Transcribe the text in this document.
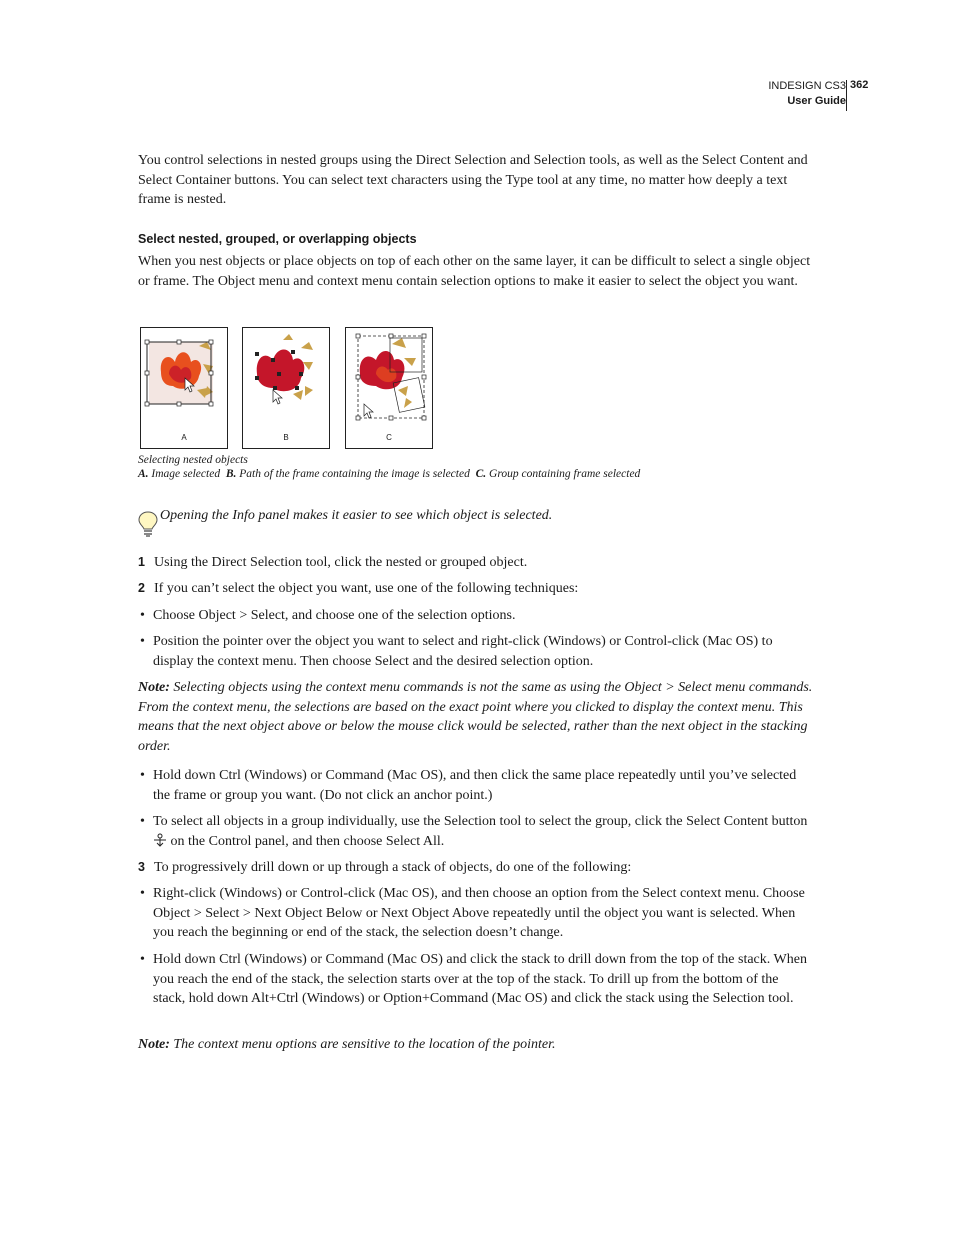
INDESIGN CS3
User Guide
362

You control selections in nested groups using the Direct Selection and Selection tools, as well as the Select Content and Select Container buttons. You can select text characters using the Type tool at any time, no matter how deeply a text frame is nested.

Select nested, grouped, or overlapping objects

When you nest objects or place objects on top of each other on the same layer, it can be difficult to select a single object or frame. The Object menu and context menu contain selection options to make it easier to select the object you want.

A	B	C
Selecting nested objects
A. Image selected  B. Path of the frame containing the image is selected  C. Group containing frame selected

Opening the Info panel makes it easier to see which object is selected.

1 Using the Direct Selection tool, click the nested or grouped object.
2 If you can’t select the object you want, use one of the following techniques:
• Choose Object > Select, and choose one of the selection options.
• Position the pointer over the object you want to select and right-click (Windows) or Control-click (Mac OS) to display the context menu. Then choose Select and the desired selection option.

Note: Selecting objects using the context menu commands is not the same as using the Object > Select menu commands. From the context menu, the selections are based on the exact point where you clicked to display the context menu. This means that the next object above or below the mouse click would be selected, rather than the next object in the stacking order.

• Hold down Ctrl (Windows) or Command (Mac OS), and then click the same place repeatedly until you’ve selected the frame or group you want. (Do not click an anchor point.)
• To select all objects in a group individually, use the Selection tool to select the group, click the Select Content button  on the Control panel, and then choose Select All.
3 To progressively drill down or up through a stack of objects, do one of the following:
• Right-click (Windows) or Control-click (Mac OS), and then choose an option from the Select context menu. Choose Object > Select > Next Object Below or Next Object Above repeatedly until the object you want is selected. When you reach the beginning or end of the stack, the selection doesn’t change.
• Hold down Ctrl (Windows) or Command (Mac OS) and click the stack to drill down from the top of the stack. When you reach the end of the stack, the selection starts over at the top of the stack. To drill up from the bottom of the stack, hold down Alt+Ctrl (Windows) or Option+Command (Mac OS) and click the stack using the Selection tool.

Note: The context menu options are sensitive to the location of the pointer.
